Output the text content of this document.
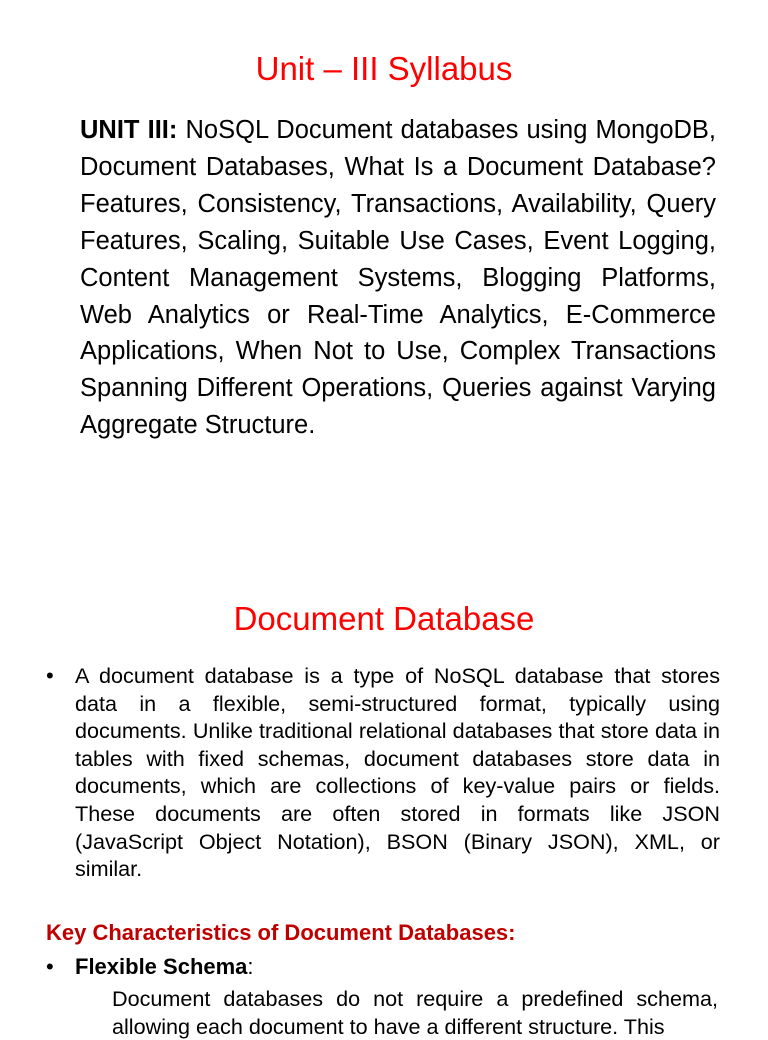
Unit – III Syllabus

UNIT III: NoSQL Document databases using MongoDB, Document Databases, What Is a Document Database? Features, Consistency, Transactions, Availability, Query Features, Scaling, Suitable Use Cases, Event Logging, Content Management Systems, Blogging Platforms, Web Analytics or Real-Time Analytics, E-Commerce Applications, When Not to Use, Complex Transactions Spanning Different Operations, Queries against Varying Aggregate Structure.

Document Database
• A document database is a type of NoSQL database that stores data in a flexible, semi-structured format, typically using documents. Unlike traditional relational databases that store data in tables with fixed schemas, document databases store data in documents, which are collections of key-value pairs or fields. These documents are often stored in formats like JSON (JavaScript Object Notation), BSON (Binary JSON), XML, or similar.

Key Characteristics of Document Databases:

• Flexible Schema:

Document databases do not require a predefined schema, allowing each document to have a different structure. This
